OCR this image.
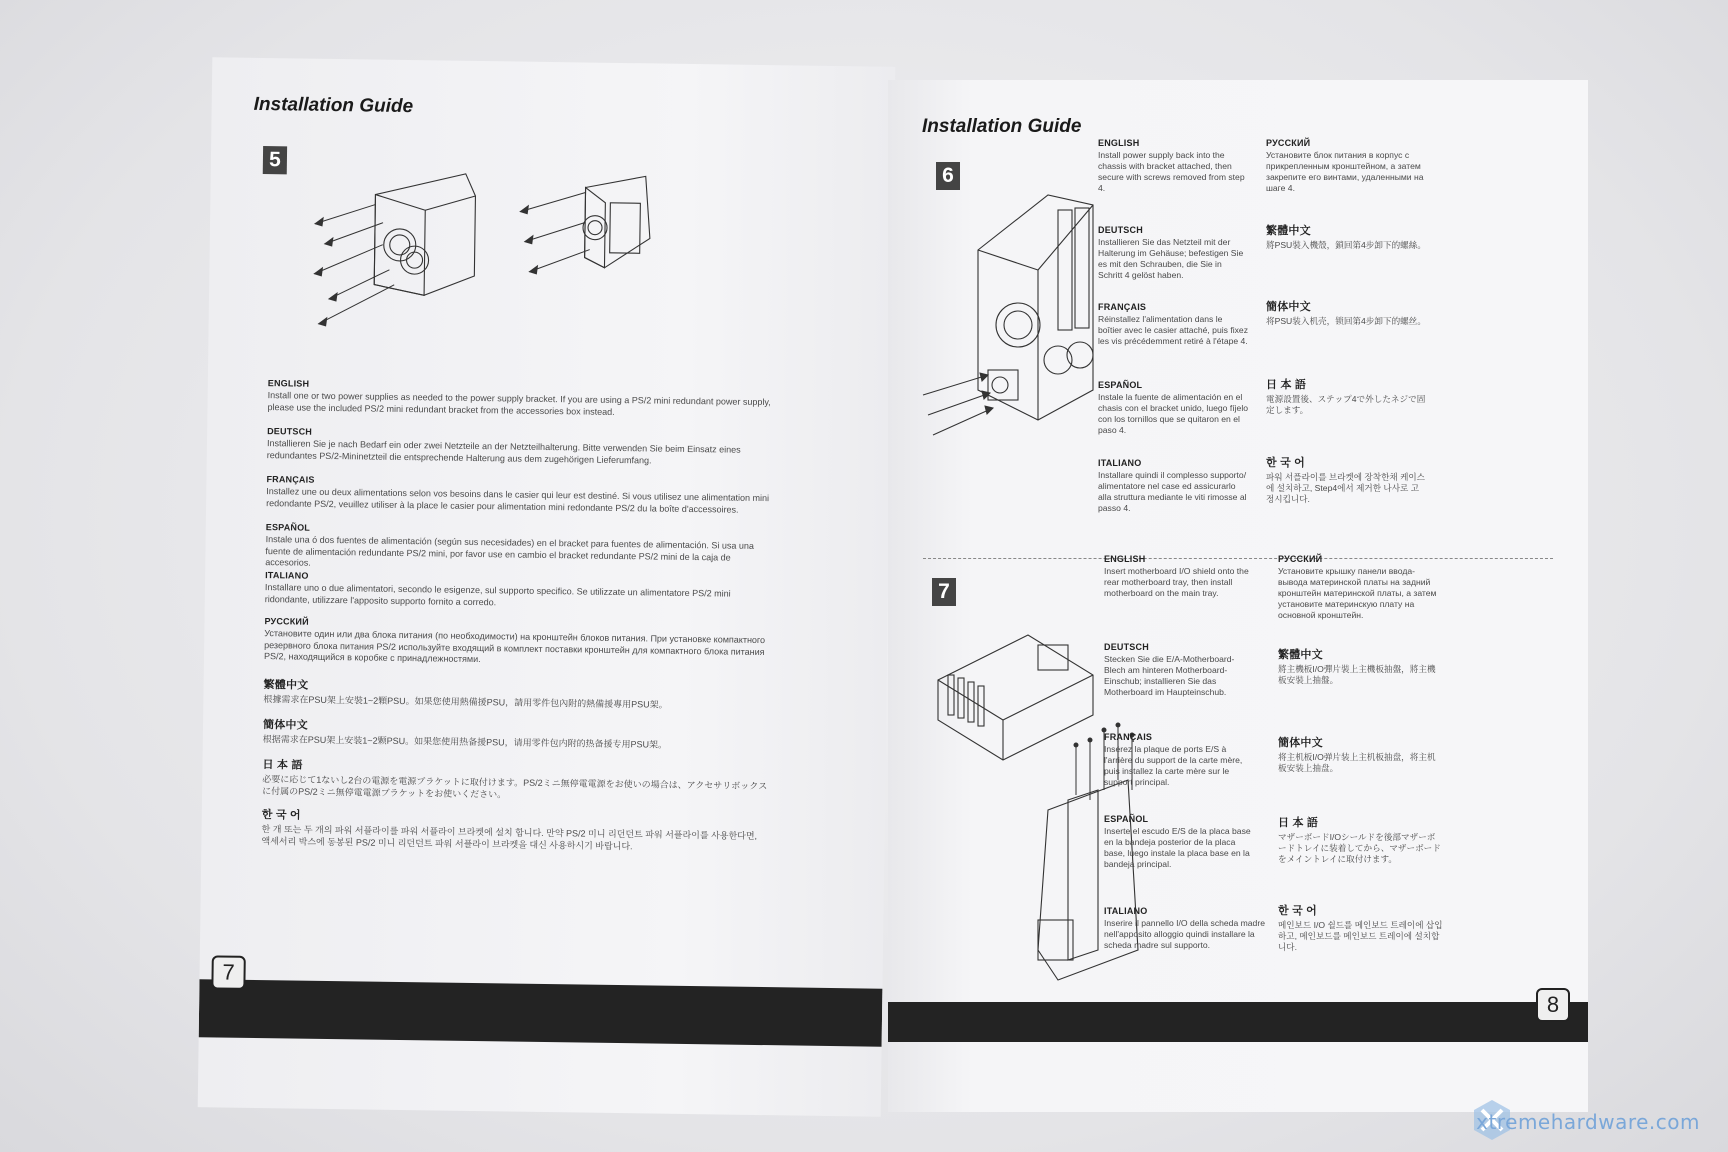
Installation Guide
5
ENGLISH
Install one or two power supplies as needed to the power supply bracket. If you are using a PS/2 mini redundant power supply, please use the included PS/2 mini redundant bracket from the accessories box instead.
DEUTSCH
Installieren Sie je nach Bedarf ein oder zwei Netzteile an der Netzteilhalterung. Bitte verwenden Sie beim Einsatz eines redundantes PS/2-Mininetzteil die entsprechende Halterung aus dem zugehörigen Lieferumfang.
FRANÇAIS
Installez une ou deux alimentations selon vos besoins dans le casier qui leur est destiné. Si vous utilisez une alimentation mini redondante PS/2, veuillez utiliser à la place le casier pour alimentation mini redondante PS/2 du la boîte d'accessoires.
ESPAÑOL
Instale una ó dos fuentes de alimentación (según sus necesidades) en el bracket para fuentes de alimentación. Si usa una fuente de alimentación redundante PS/2 mini, por favor use en cambio el bracket redundante PS/2 mini de la caja de accesorios.
ITALIANO
Installare uno o due alimentatori, secondo le esigenze, sul supporto specifico. Se utilizzate un alimentatore PS/2 mini ridondante, utilizzare l'apposito supporto fornito a corredo.
РУССКИЙ
Установите один или два блока питания (по необходимости) на кронштейн блоков питания. При установке компактного резервного блока питания PS/2 используйте входящий в комплект поставки кронштейн для компактного блока питания PS/2, находящийся в коробке с принадлежностями.
繁體中文
根據需求在PSU架上安裝1~2顆PSU。如果您使用熱備援PSU，請用零件包內附的熱備援專用PSU架。
簡体中文
根据需求在PSU架上安装1~2颗PSU。如果您使用热备援PSU，请用零件包内附的热备援专用PSU架。
日 本 語
必要に応じて1ないし2台の電源を電源ブラケットに取付けます。PS/2ミニ無停電電源をお使いの場合は、アクセサリボックスに付属のPS/2ミニ無停電電源ブラケットをお使いください。
한 국 어
한 개 또는 두 개의 파워 서플라이를 파워 서플라이 브라켓에 설치 합니다. 만약 PS/2 미니 리던던트 파워 서플라이를 사용한다면, 액세서리 박스에 동봉된 PS/2 미니 리던던트 파워 서플라이 브라켓을 대신 사용하시기 바랍니다.
7
Installation Guide
6
ENGLISH
Install power supply back into the chassis with bracket attached, then secure with screws removed from step 4.
DEUTSCH
Installieren Sie das Netzteil mit der Halterung im Gehäuse; befestigen Sie es mit den Schrauben, die Sie in Schritt 4 gelöst haben.
FRANÇAIS
Réinstallez l'alimentation dans le boîtier avec le casier attaché, puis fixez les vis précédemment retiré à l'étape 4.
ESPAÑOL
Instale la fuente de alimentación en el chasis con el bracket unido, luego fíjelo con los tornillos que se quitaron en el paso 4.
ITALIANO
Installare quindi il complesso supporto/ alimentatore nel case ed assicurarlo alla struttura mediante le viti rimosse al passo 4.
РУССКИЙ
Установите блок питания в корпус с прикрепленным кронштейном, а затем закрепите его винтами, удаленными на шаге 4.
繁體中文
將PSU裝入機殼，鎖回第4步卸下的螺絲。
簡体中文
将PSU装入机壳，锁回第4步卸下的螺丝。
日 本 語
電源設置後、ステップ4で外したネジで固定します。
한 국 어
파워 서플라이를 브라켓에 장착한채 케이스에 설치하고, Step4에서 제거한 나사로 고정시킵니다.
7
ENGLISH
Insert motherboard I/O shield onto the rear motherboard tray, then install motherboard on the main tray.
DEUTSCH
Stecken Sie die E/A-Motherboard-Blech am hinteren Motherboard-Einschub; installieren Sie das Motherboard im Haupteinschub.
FRANÇAIS
Insérez la plaque de ports E/S à l'arrière du support de la carte mère, puis installez la carte mère sur le support principal.
ESPAÑOL
Inserte el escudo E/S de la placa base en la bandeja posterior de la placa base, luego instale la placa base en la bandeja principal.
ITALIANO
Inserire il pannello I/O della scheda madre nell'apposito alloggio quindi installare la scheda madre sul supporto.
РУССКИЙ
Установите крышку панели ввода-вывода материнской платы на задний кронштейн материнской платы, а затем установите материнскую плату на основной кронштейн.
繁體中文
將主機板I/O彈片裝上主機板抽盤，將主機板安裝上抽盤。
簡体中文
将主机板I/O弹片装上主机板抽盘，将主机板安装上抽盘。
日 本 語
マザーボードI/Oシールドを後部マザーボードトレイに装着してから、マザーボードをメイントレイに取付けます。
한 국 어
메인보드 I/O 쉴드를 메인보드 트레이에 삽입하고, 메인보드를 메인보드 트레이에 설치합니다.
8
xtremehardware.com
